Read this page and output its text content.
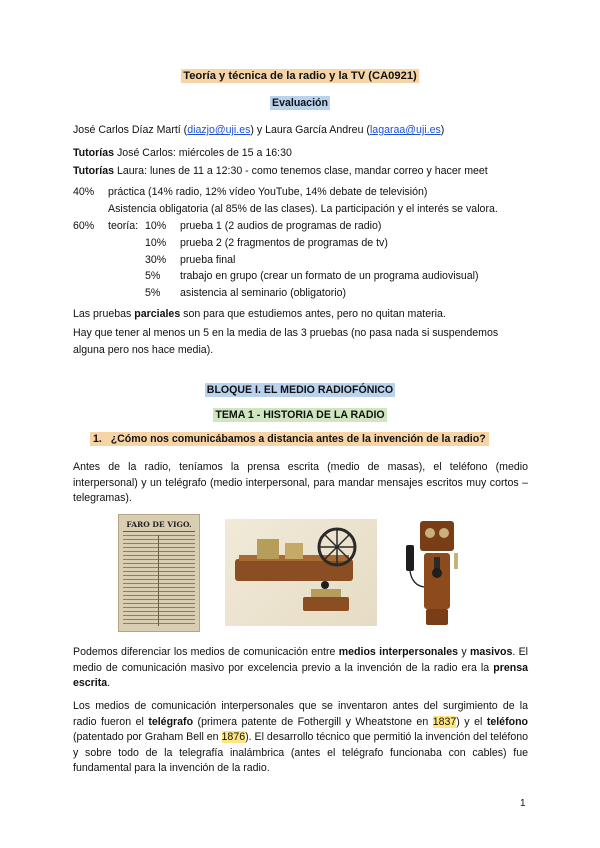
Teoría y técnica de la radio y la TV (CA0921)
Evaluación
José Carlos Díaz Martí (diazjo@uji.es) y Laura García Andreu (lagaraa@uji.es)
Tutorías José Carlos: miércoles de 15 a 16:30
Tutorías Laura: lunes de 11 a 12:30 - como tenemos clase, mandar correo y hacer meet
40% práctica (14% radio, 12% vídeo YouTube, 14% debate de televisión)
Asistencia obligatoria (al 85% de las clases). La participación y el interés se valora.
60% teoría: 10% prueba 1 (2 audios de programas de radio)
10% prueba 2 (2 fragmentos de programas de tv)
30% prueba final
5% trabajo en grupo (crear un formato de un programa audiovisual)
5% asistencia al seminario (obligatorio)
Las pruebas parciales son para que estudiemos antes, pero no quitan materia.
Hay que tener al menos un 5 en la media de las 3 pruebas (no pasa nada si suspendemos alguna pero nos hace media).
BLOQUE I. EL MEDIO RADIOFÓNICO
TEMA 1 - HISTORIA DE LA RADIO
1. ¿Cómo nos comunicábamos a distancia antes de la invención de la radio?
Antes de la radio, teníamos la prensa escrita (medio de masas), el teléfono (medio interpersonal) y un telégrafo (medio interpersonal, para mandar mensajes escritos muy cortos – telegramas).
FARO DE VIGO.
Podemos diferenciar los medios de comunicación entre medios interpersonales y masivos. El medio de comunicación masivo por excelencia previo a la invención de la radio era la prensa escrita.
Los medios de comunicación interpersonales que se inventaron antes del surgimiento de la radio fueron el telégrafo (primera patente de Fothergill y Wheatstone en 1837) y el teléfono (patentado por Graham Bell en 1876). El desarrollo técnico que permitió la invención del teléfono y sobre todo de la telegrafía inalámbrica (antes el telégrafo funcionaba con cables) fue fundamental para la invención de la radio.
1
